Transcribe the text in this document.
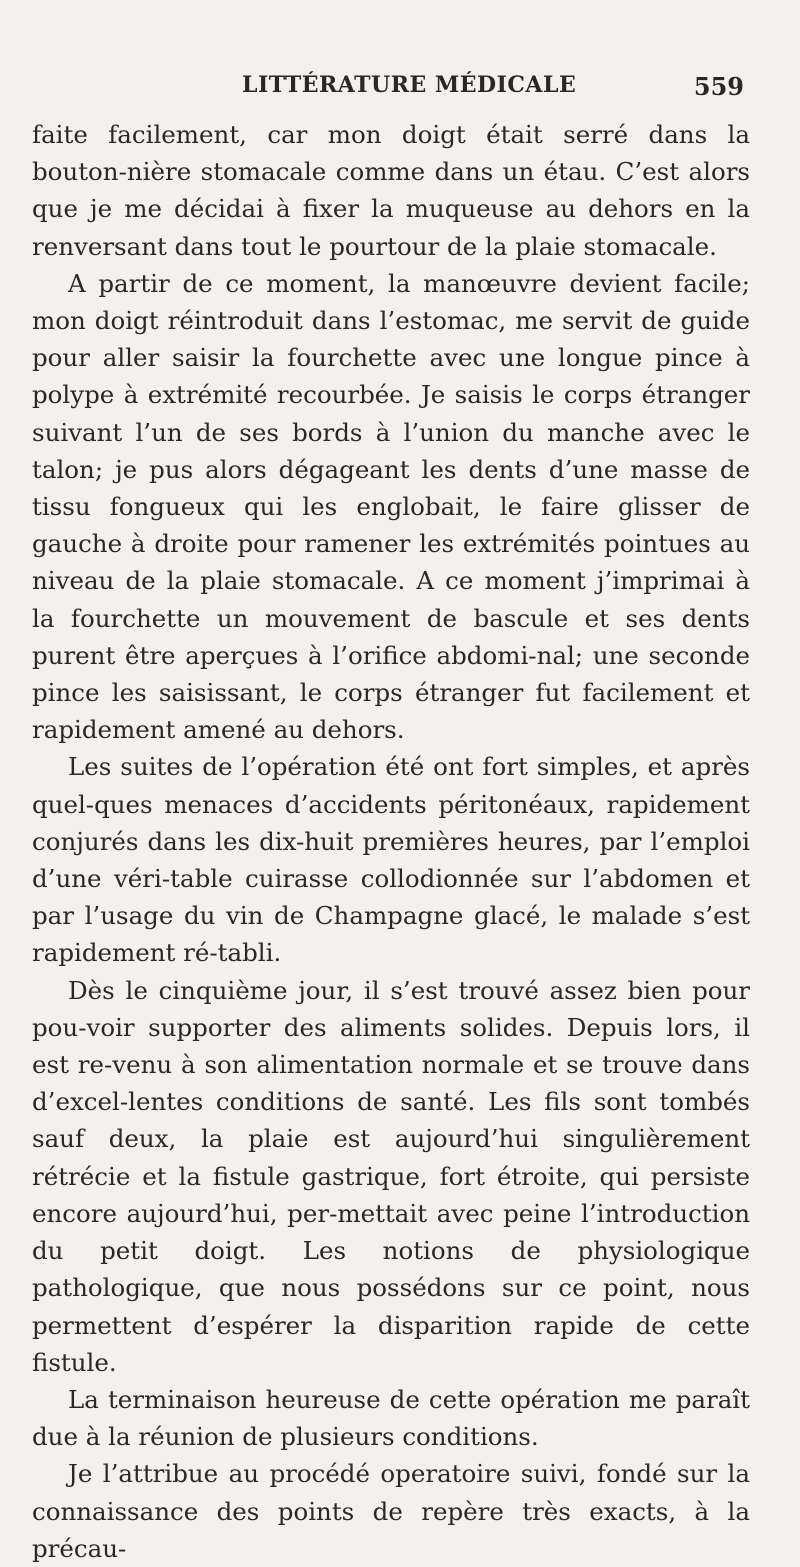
LITTÉRATURE MÉDICALE	559

faite facilement, car mon doigt était serré dans la bouton-nière stomacale comme dans un étau. C’est alors que je me décidai à fixer la muqueuse au dehors en la renversant dans tout le pourtour de la plaie stomacale.

A partir de ce moment, la manœuvre devient facile; mon doigt réintroduit dans l’estomac, me servit de guide pour aller saisir la fourchette avec une longue pince à polype à extrémité recourbée. Je saisis le corps étranger suivant l’un de ses bords à l’union du manche avec le talon; je pus alors dégageant les dents d’une masse de tissu fongueux qui les englobait, le faire glisser de gauche à droite pour ramener les extrémités pointues au niveau de la plaie stomacale. A ce moment j’imprimai à la fourchette un mouvement de bascule et ses dents purent être aperçues à l’orifice abdomi-nal; une seconde pince les saisissant, le corps étranger fut facilement et rapidement amené au dehors.

Les suites de l’opération été ont fort simples, et après quel-ques menaces d’accidents péritonéaux, rapidement conjurés dans les dix-huit premières heures, par l’emploi d’une véri-table cuirasse collodionnée sur l’abdomen et par l’usage du vin de Champagne glacé, le malade s’est rapidement ré-tabli.

Dès le cinquième jour, il s’est trouvé assez bien pour pou-voir supporter des aliments solides. Depuis lors, il est re-venu à son alimentation normale et se trouve dans d’excel-lentes conditions de santé. Les fils sont tombés sauf deux, la plaie est aujourd’hui singulièrement rétrécie et la fistule gastrique, fort étroite, qui persiste encore aujourd’hui, per-mettait avec peine l’introduction du petit doigt. Les notions de physiologique pathologique, que nous possédons sur ce point, nous permettent d’espérer la disparition rapide de cette fistule.

La terminaison heureuse de cette opération me paraît due à la réunion de plusieurs conditions.

Je l’attribue au procédé operatoire suivi, fondé sur la connaissance des points de repère très exacts, à la précau-
